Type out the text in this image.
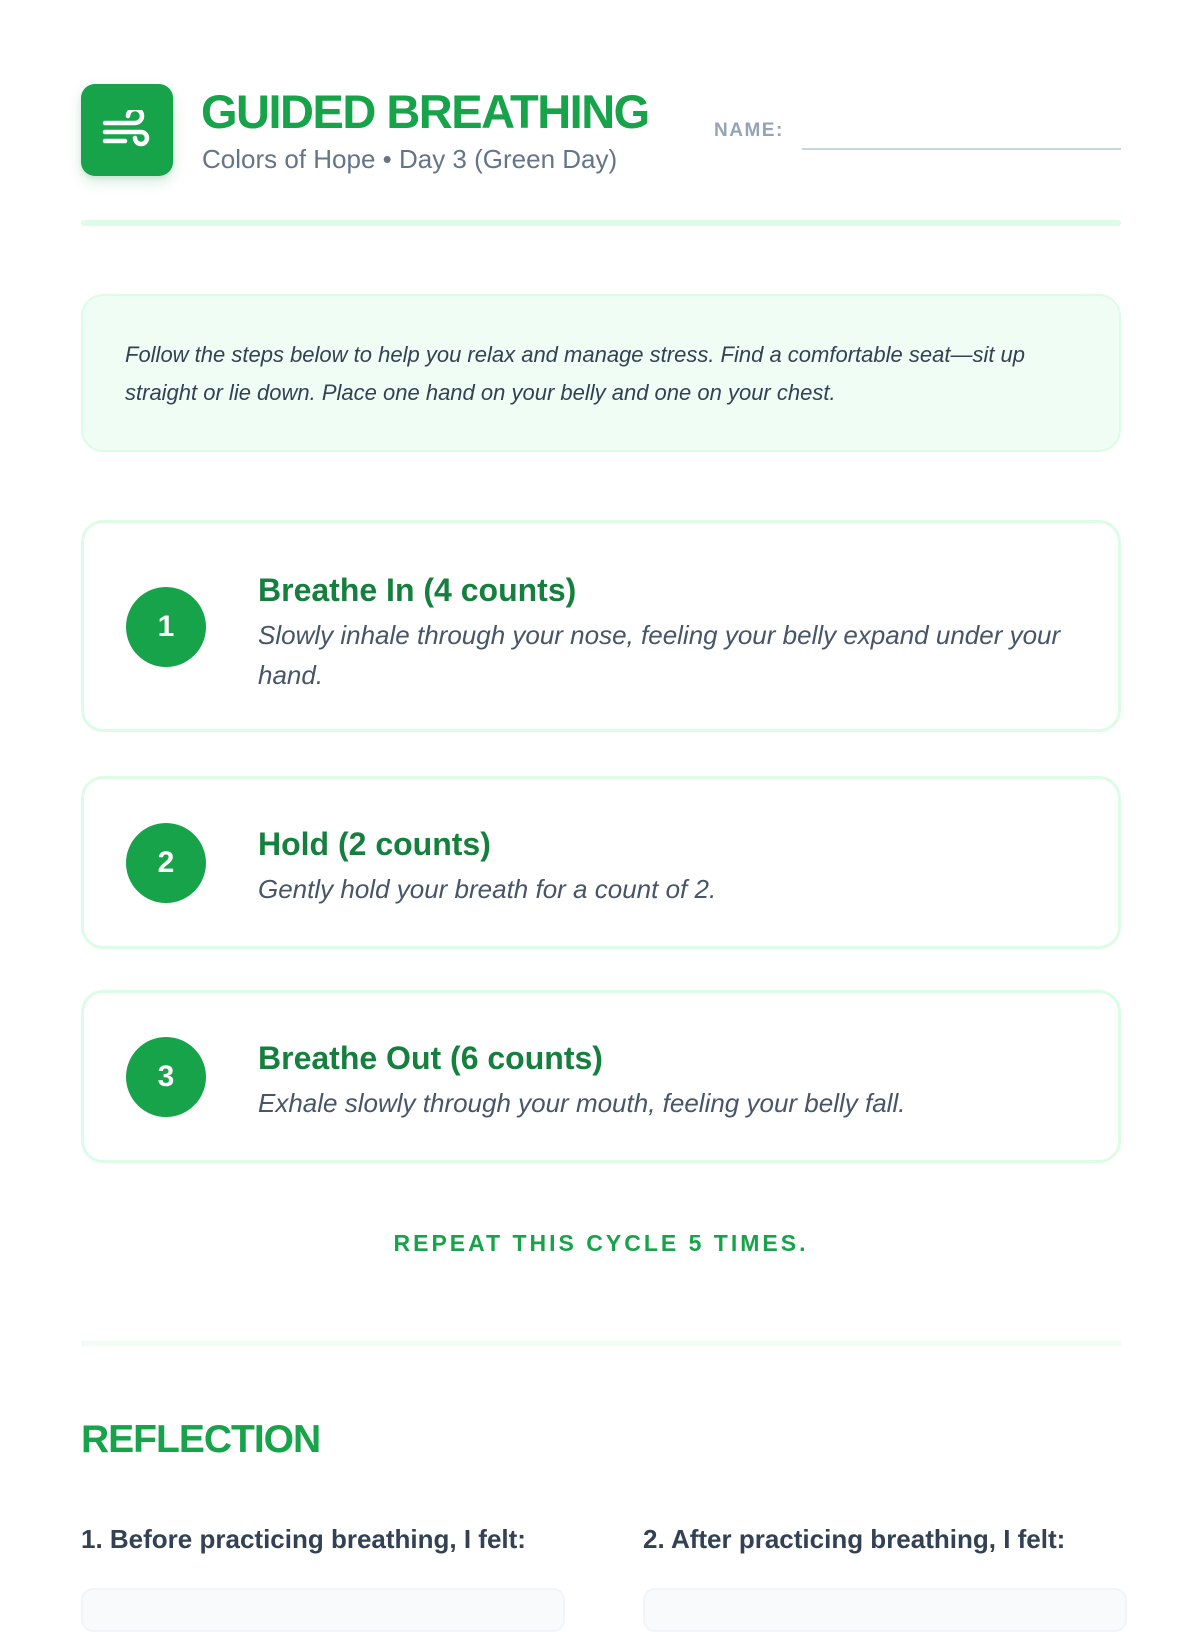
GUIDED BREATHING
Colors of Hope • Day 3 (Green Day)
NAME:
Follow the steps below to help you relax and manage stress. Find a comfortable seat—sit up straight or lie down. Place one hand on your belly and one on your chest.
1
Breathe In (4 counts)
Slowly inhale through your nose, feeling your belly expand under your hand.
2
Hold (2 counts)
Gently hold your breath for a count of 2.
3
Breathe Out (6 counts)
Exhale slowly through your mouth, feeling your belly fall.
REPEAT THIS CYCLE 5 TIMES.
REFLECTION
1. Before practicing breathing, I felt:	2. After practicing breathing, I felt:
